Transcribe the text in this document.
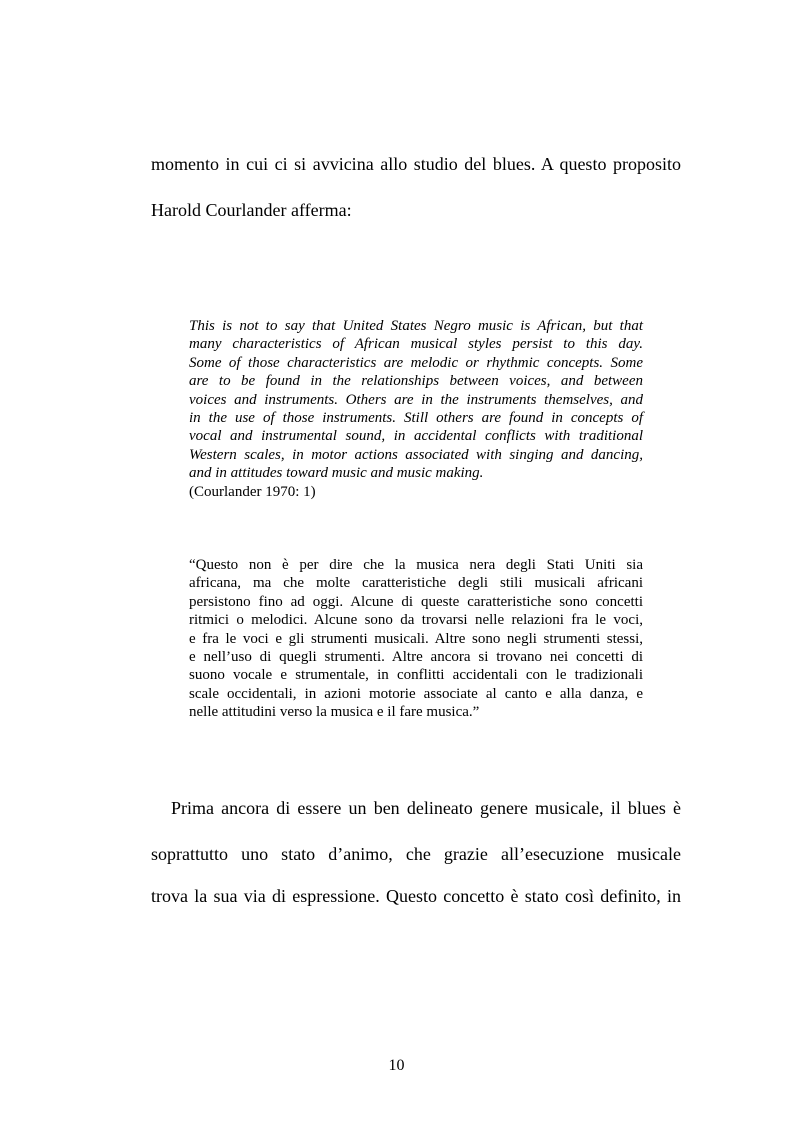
momento in cui ci si avvicina allo studio del blues. A questo proposito
Harold Courlander afferma:
This is not to say that United States Negro music is African, but that
many characteristics of African musical styles persist to this day.
Some of those characteristics are melodic or rhythmic concepts. Some
are to be found in the relationships between voices, and between
voices and instruments. Others are in the instruments themselves, and
in the use of those instruments. Still others are found in concepts of
vocal and instrumental sound, in accidental conflicts with traditional
Western scales, in motor actions associated with singing and dancing,
and in attitudes toward music and music making.
(Courlander 1970: 1)
“Questo non è per dire che la musica nera degli Stati Uniti sia
africana, ma che molte caratteristiche degli stili musicali africani
persistono fino ad oggi. Alcune di queste caratteristiche sono concetti
ritmici o melodici. Alcune sono da trovarsi nelle relazioni fra le voci,
e fra le voci e gli strumenti musicali. Altre sono negli strumenti stessi,
e nell’uso di quegli strumenti. Altre ancora si trovano nei concetti di
suono vocale e strumentale, in conflitti accidentali con le tradizionali
scale occidentali, in azioni motorie associate al canto e alla danza, e
nelle attitudini verso la musica e il fare musica.”
Prima ancora di essere un ben delineato genere musicale, il blues è
soprattutto uno stato d’animo, che grazie all’esecuzione musicale
trova la sua via di espressione. Questo concetto è stato così definito, in
10
